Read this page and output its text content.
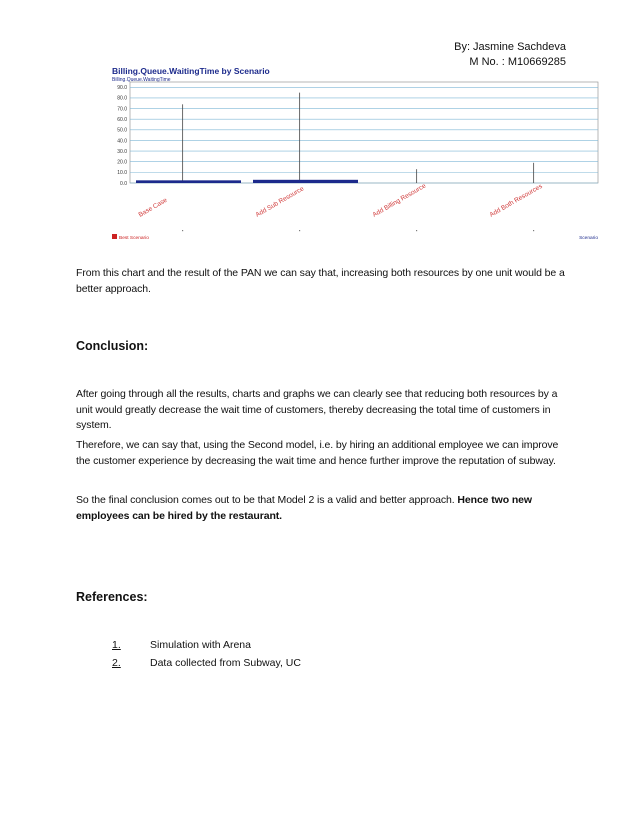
By: Jasmine Sachdeva
M No. : M10669285
Billing.Queue.WaitingTime by Scenario
Billing.Queue.WaitingTime
0.0
10.0
20.0
30.0
40.0
50.0
60.0
70.0
80.0
90.0
Base Case	Add Sub Resource	Add Billing Resource	Add Both Resources
Best Scenario	Scenario

From this chart and the result of the PAN we can say that, increasing both resources by one unit would be a better approach.

Conclusion:

After going through all the results, charts and graphs we can clearly see that reducing both resources by a unit would greatly decrease the wait time of customers, thereby decreasing the total time of customers in system.

Therefore, we can say that, using the Second model, i.e. by hiring an additional employee we can improve the customer experience by decreasing the wait time and hence further improve the reputation of subway.

So the final conclusion comes out to be that Model 2 is a valid and better approach. Hence two new employees can be hired by the restaurant.

References:
1.	Simulation with Arena
2.	Data collected from Subway, UC
